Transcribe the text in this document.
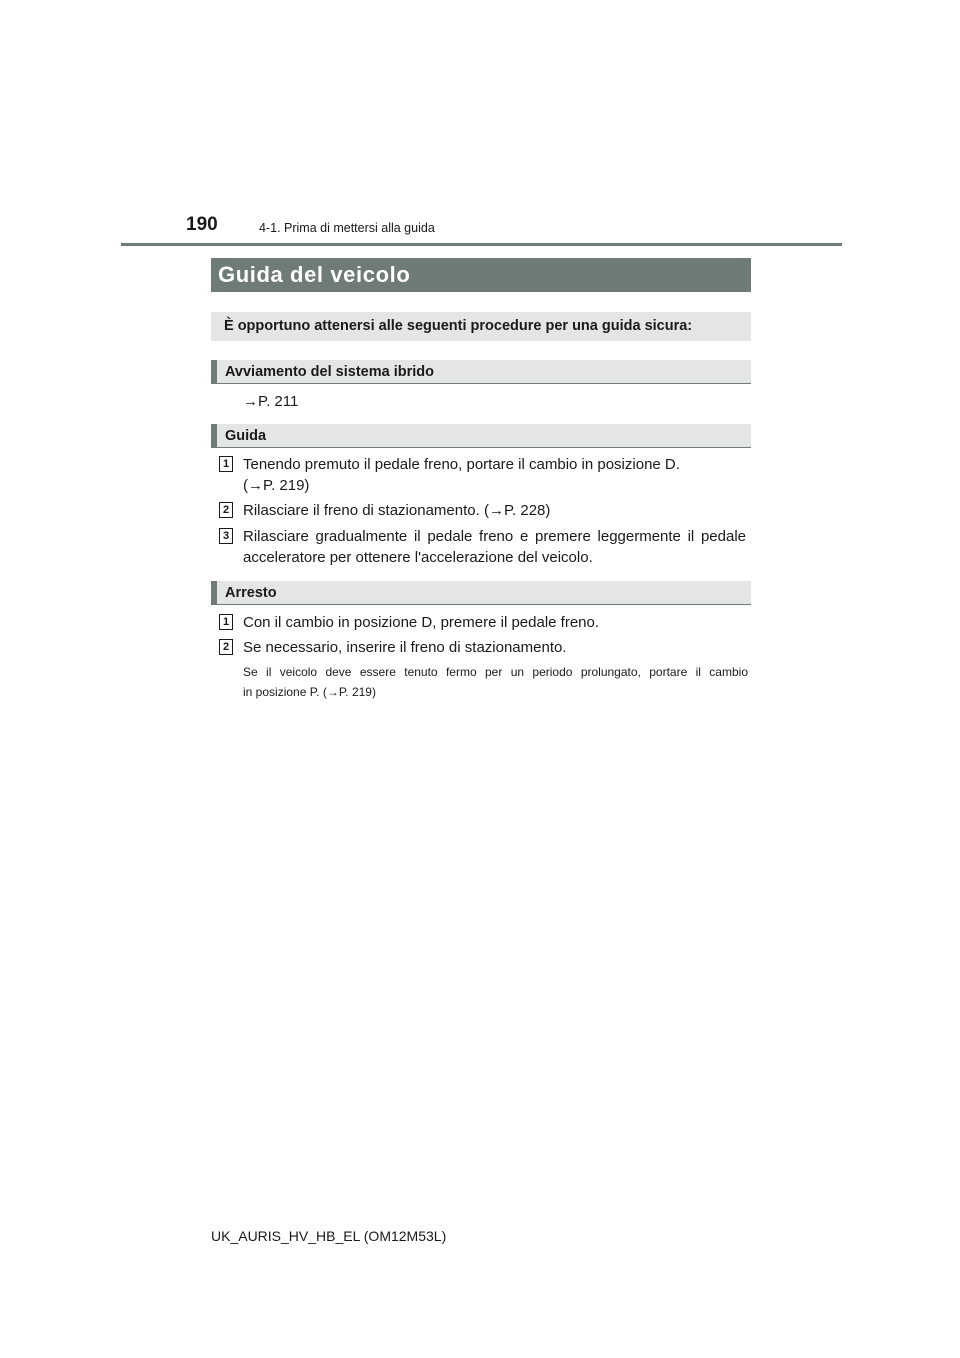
190	4-1. Prima di mettersi alla guida
Guida del veicolo
È opportuno attenersi alle seguenti procedure per una guida sicura:
Avviamento del sistema ibrido
→P. 211
Guida
1 Tenendo premuto il pedale freno, portare il cambio in posizione D.
(→P. 219)
2 Rilasciare il freno di stazionamento. (→P. 228)
3 Rilasciare gradualmente il pedale freno e premere leggermente il pedale
acceleratore per ottenere l'accelerazione del veicolo.
Arresto
1 Con il cambio in posizione D, premere il pedale freno.
2 Se necessario, inserire il freno di stazionamento.
Se il veicolo deve essere tenuto fermo per un periodo prolungato, portare il cambio
in posizione P. (→P. 219)
UK_AURIS_HV_HB_EL (OM12M53L)
